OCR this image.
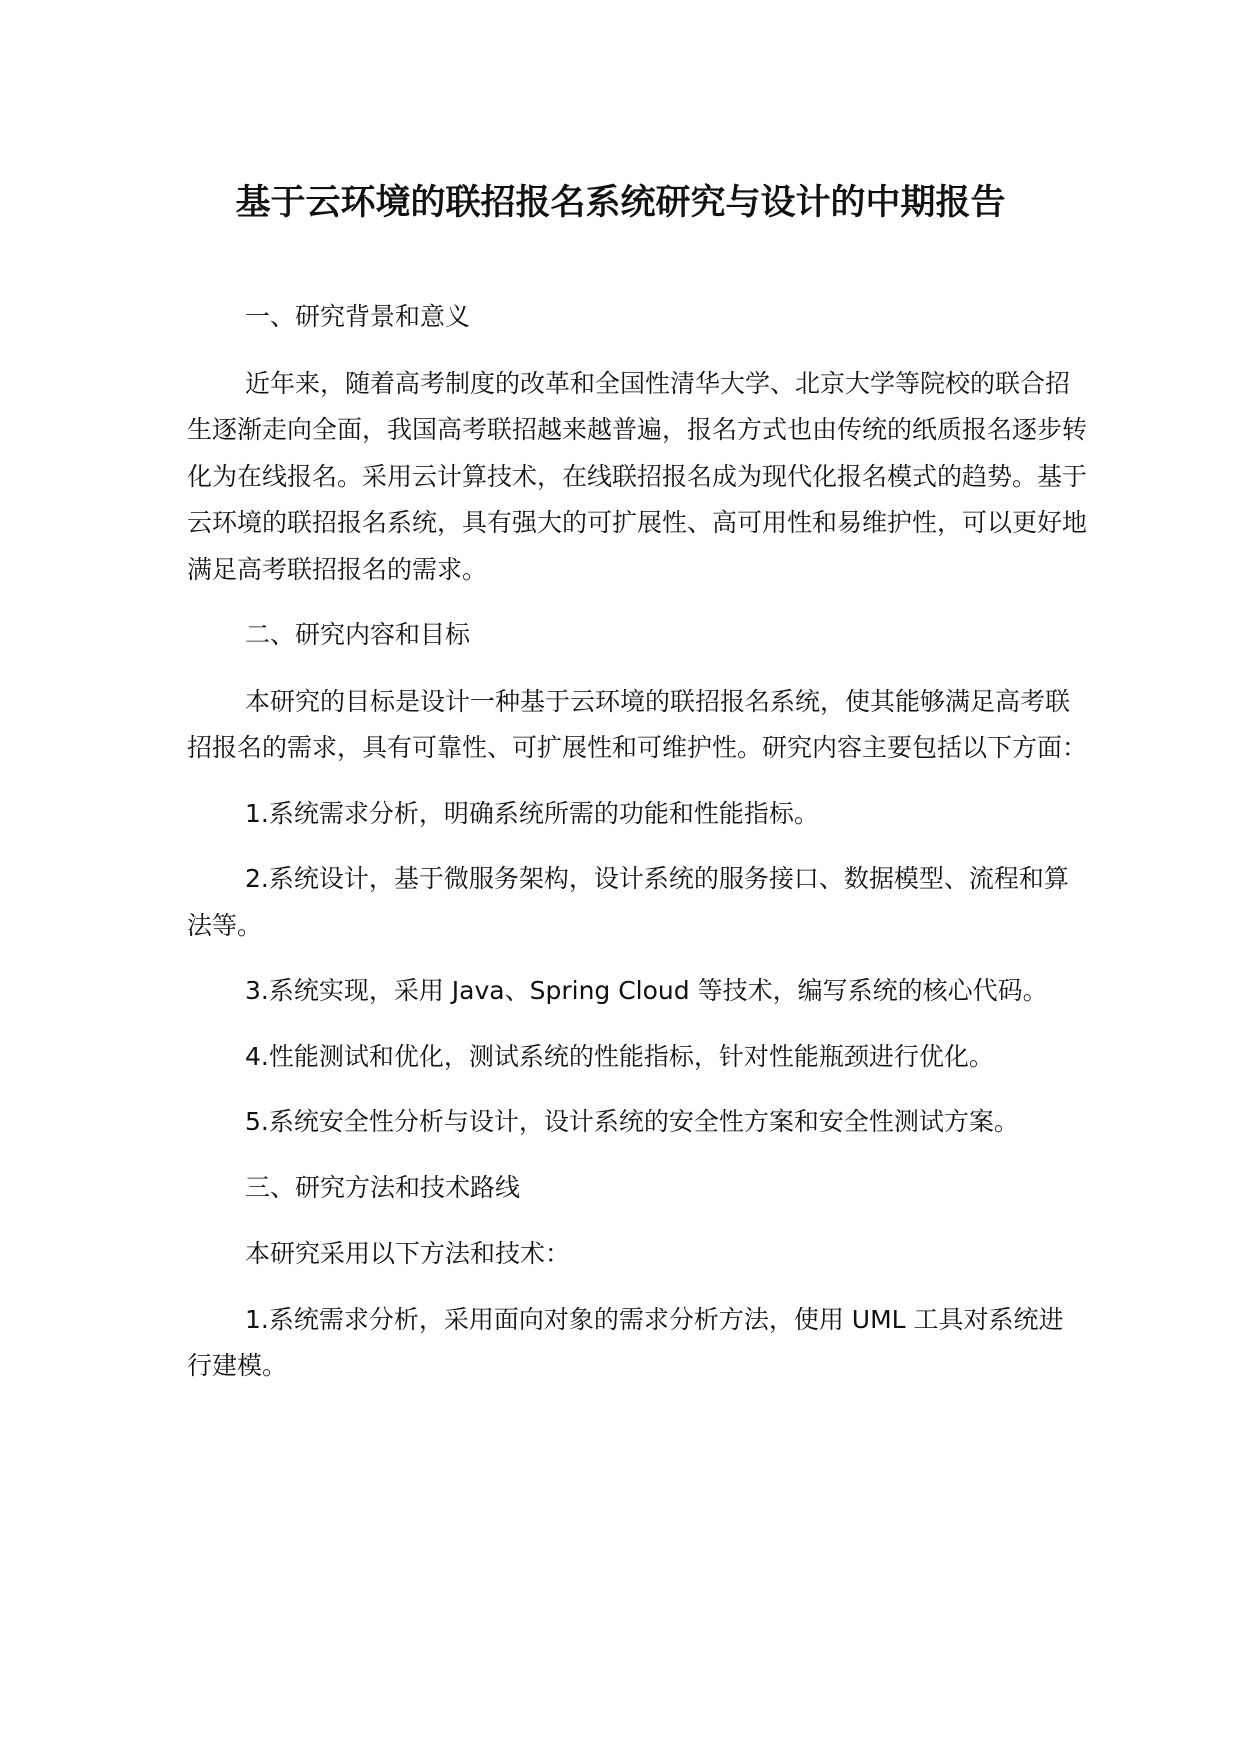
基于云环境的联招报名系统研究与设计的中期报告

一、研究背景和意义

近年来，随着高考制度的改革和全国性清华大学、北京大学等院校的联合招生逐渐走向全面，我国高考联招越来越普遍，报名方式也由传统的纸质报名逐步转化为在线报名。采用云计算技术，在线联招报名成为现代化报名模式的趋势。基于云环境的联招报名系统，具有强大的可扩展性、高可用性和易维护性，可以更好地满足高考联招报名的需求。

二、研究内容和目标

本研究的目标是设计一种基于云环境的联招报名系统，使其能够满足高考联招报名的需求，具有可靠性、可扩展性和可维护性。研究内容主要包括以下方面：

1.系统需求分析，明确系统所需的功能和性能指标。

2.系统设计，基于微服务架构，设计系统的服务接口、数据模型、流程和算法等。

3.系统实现，采用 Java、Spring Cloud 等技术，编写系统的核心代码。

4.性能测试和优化，测试系统的性能指标，针对性能瓶颈进行优化。

5.系统安全性分析与设计，设计系统的安全性方案和安全性测试方案。

三、研究方法和技术路线

本研究采用以下方法和技术：

1.系统需求分析，采用面向对象的需求分析方法，使用 UML 工具对系统进行建模。
